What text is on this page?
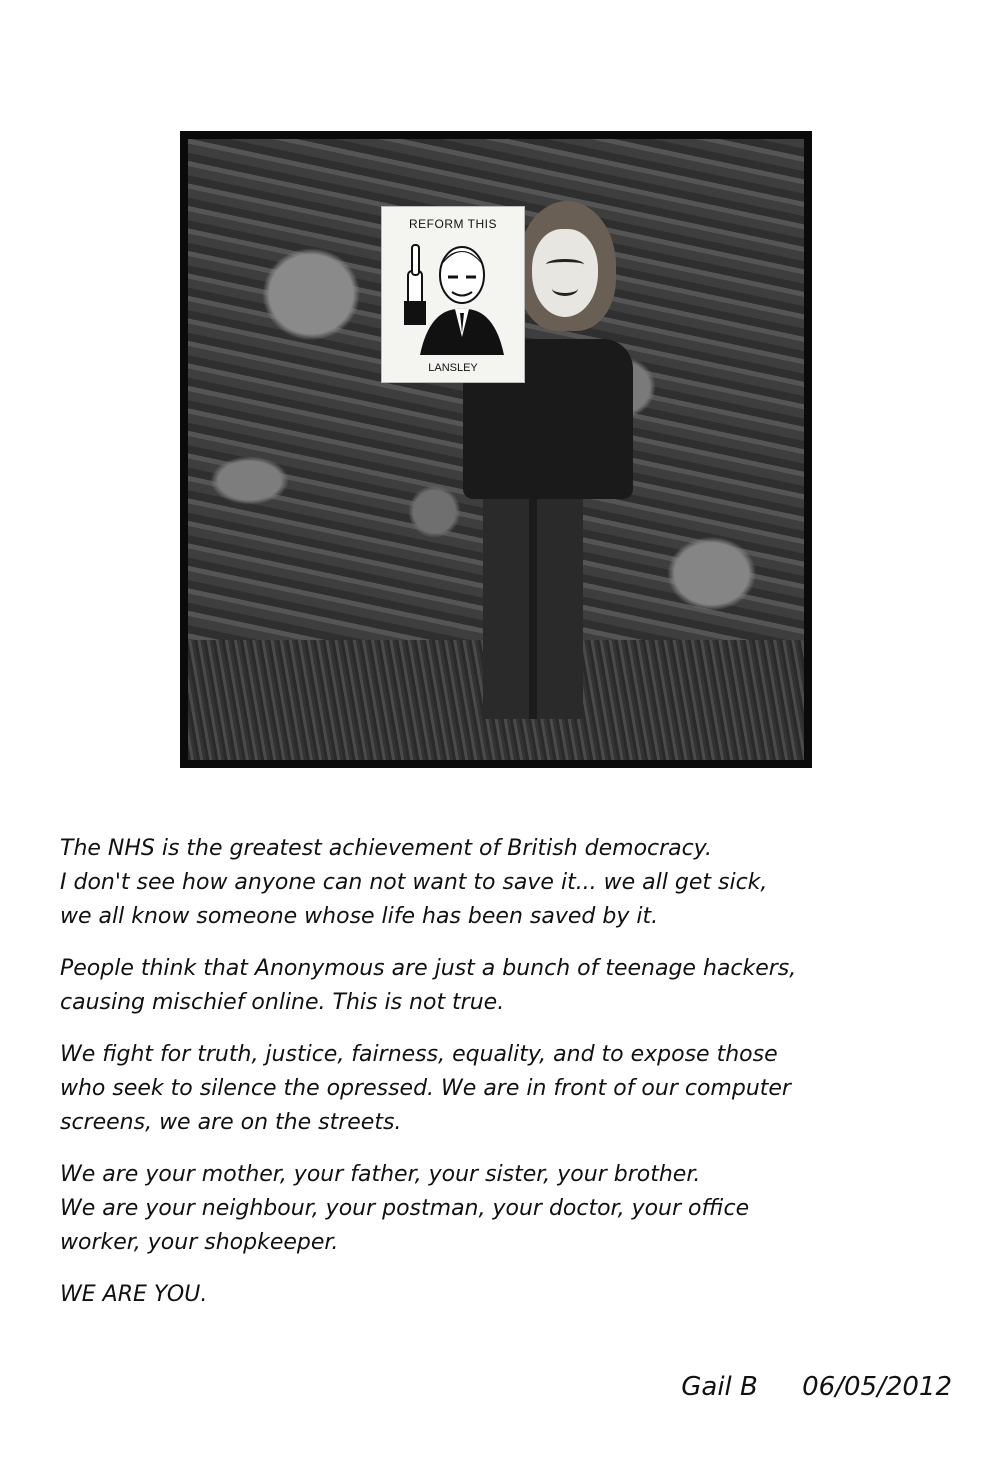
REFORM THIS
LANSLEY

The NHS is the greatest achievement of British democracy.
I don't see how anyone can not want to save it... we all get sick,
we all know someone whose life has been saved by it.

People think that Anonymous are just a bunch of teenage hackers,
causing mischief online. This is not true.

We fight for truth, justice, fairness, equality, and to expose those
who seek to silence the opressed. We are in front of our computer
screens, we are on the streets.

We are your mother, your father, your sister, your brother.
We are your neighbour, your postman, your doctor, your office
worker, your shopkeeper.

WE ARE YOU.

Gail B 06/05/2012
